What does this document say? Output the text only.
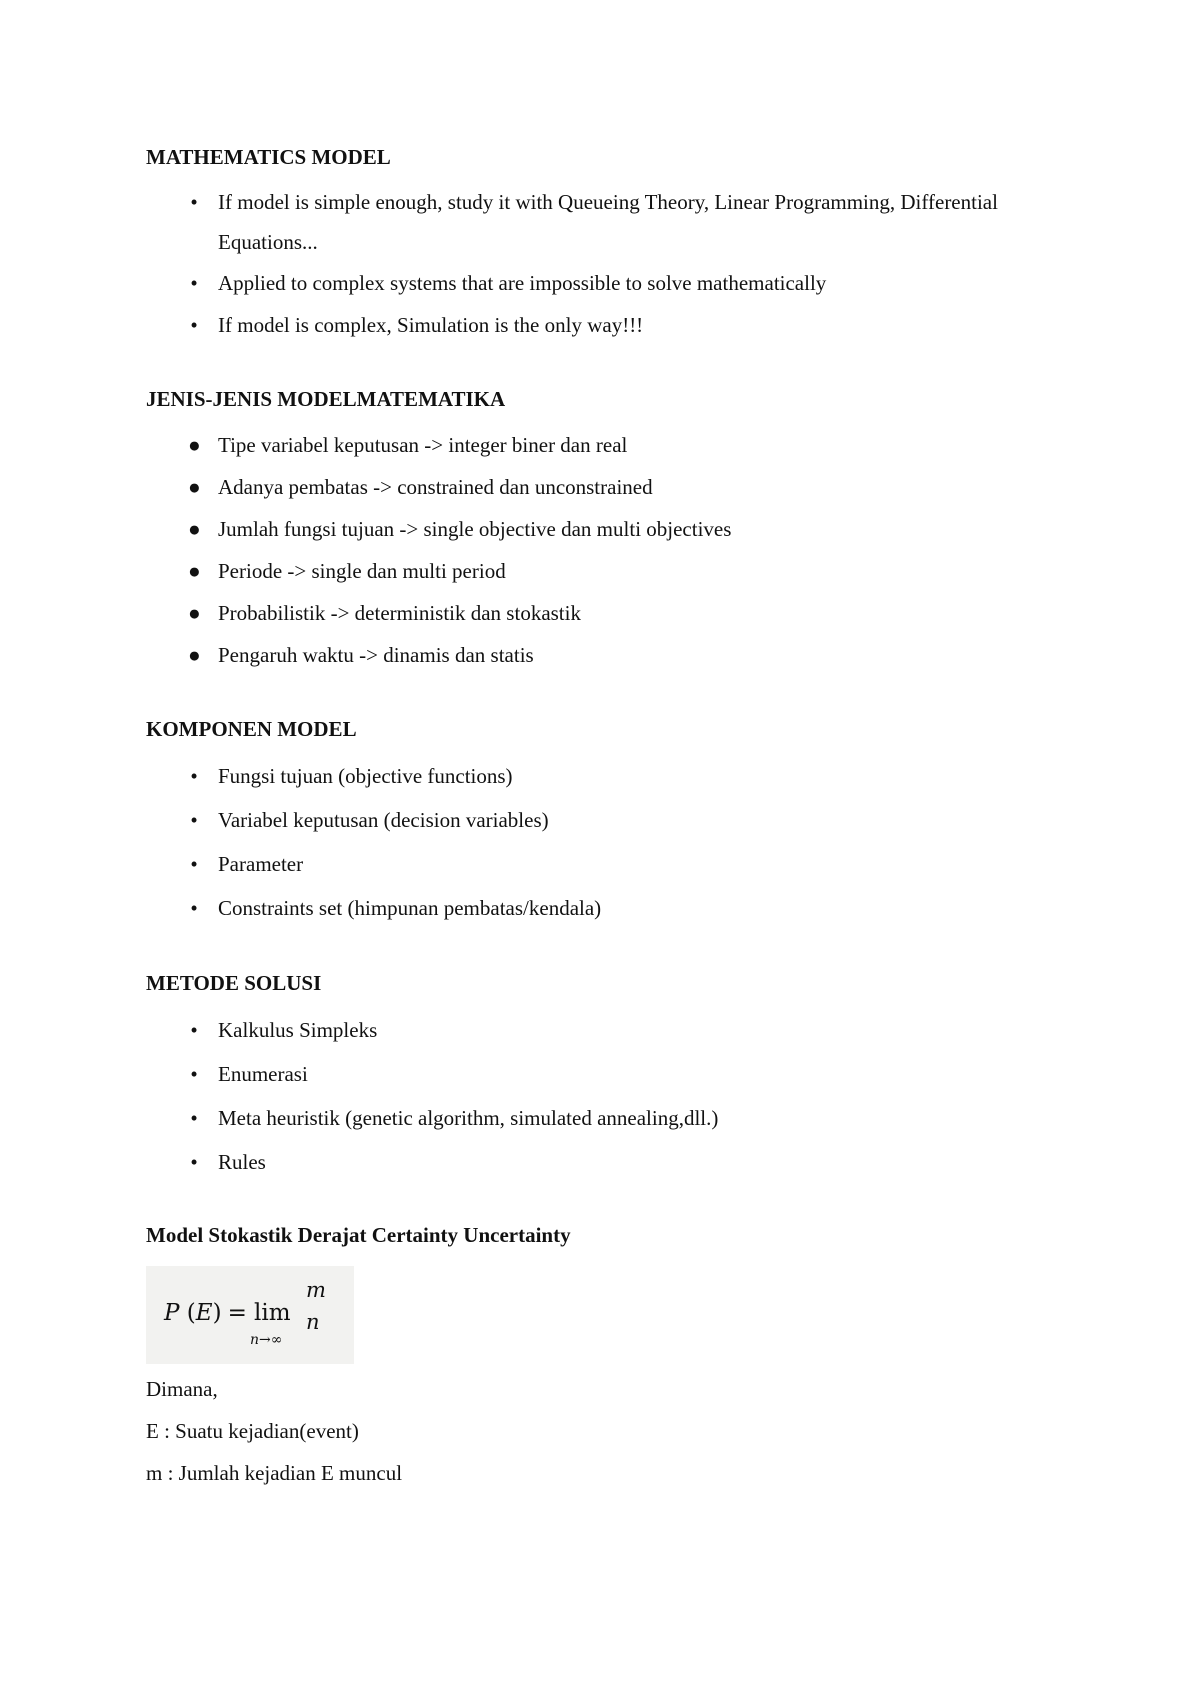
MATHEMATICS MODEL
• If model is simple enough, study it with Queueing Theory, Linear Programming, Differential Equations...
• Applied to complex systems that are impossible to solve mathematically
• If model is complex, Simulation is the only way!!!
JENIS-JENIS MODELMATEMATIKA
● Tipe variabel keputusan -> integer biner dan real
● Adanya pembatas -> constrained dan unconstrained
● Jumlah fungsi tujuan -> single objective dan multi objectives
● Periode -> single dan multi period
● Probabilistik -> deterministik dan stokastik
● Pengaruh waktu -> dinamis dan statis
KOMPONEN MODEL
• Fungsi tujuan (objective functions)
• Variabel keputusan (decision variables)
• Parameter
• Constraints set (himpunan pembatas/kendala)
METODE SOLUSI
• Kalkulus Simpleks
• Enumerasi
• Meta heuristik (genetic algorithm, simulated annealing,dll.)
• Rules
Model Stokastik Derajat Certainty Uncertainty
P (E) = lim
n→∞
m
n
Dimana,
E : Suatu kejadian(event)
m : Jumlah kejadian E muncul
